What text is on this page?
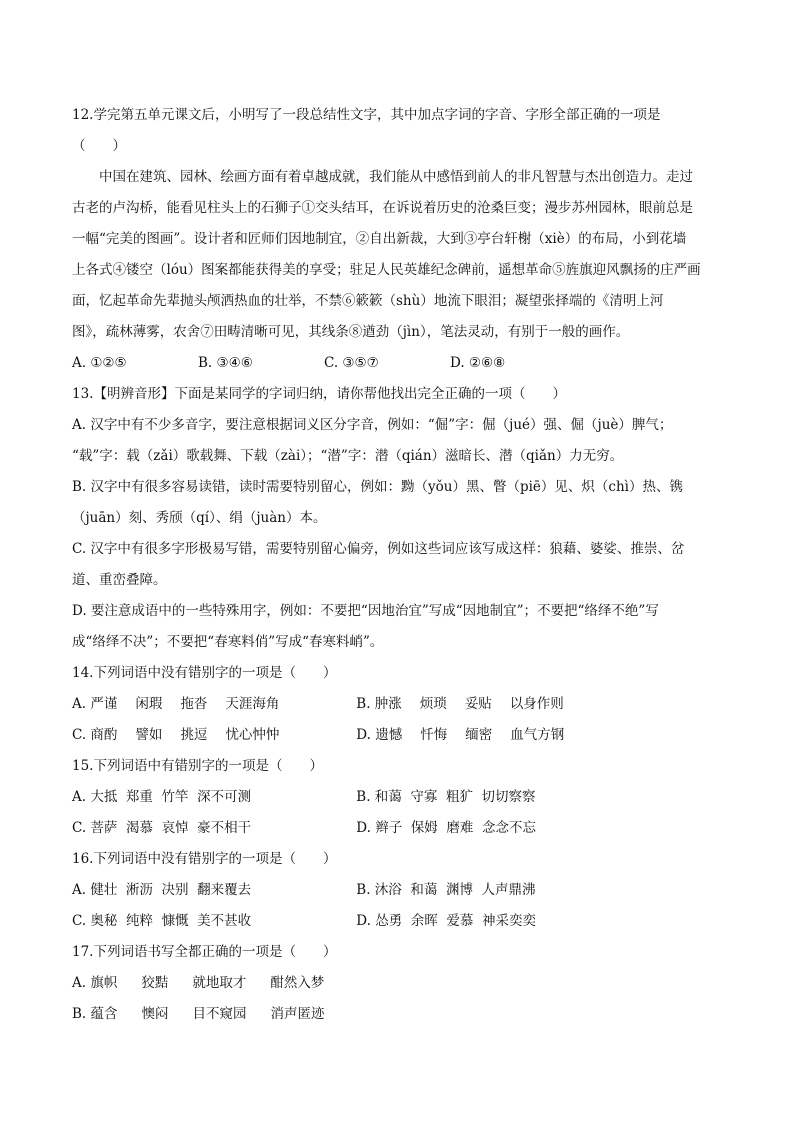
12.学完第五单元课文后，小明写了一段总结性文字，其中加点字词的字音、字形全部正确的一项是
（　　）
中国在建筑、园林、绘画方面有着卓越成就，我们能从中感悟到前人的非凡智慧与杰出创造力。走过
古老的卢沟桥，能看见柱头上的石狮子①交头结耳，在诉说着历史的沧桑巨变；漫步苏州园林，眼前总是
一幅“完美的图画”。设计者和匠师们因地制宜，②自出新裁，大到③亭台轩榭（xiè）的布局，小到花墙
上各式④镂空（lóu）图案都能获得美的享受；驻足人民英雄纪念碑前，遥想革命⑤旌旗迎风飘扬的庄严画
面，忆起革命先辈抛头颅洒热血的壮举，不禁⑥簌簌（shù）地流下眼泪；凝望张择端的《清明上河
图》，疏林薄雾，农舍⑦田畴清晰可见，其线条⑧遒劲（jìn），笔法灵动，有别于一般的画作。
A. ①②⑤	B. ③④⑥	C. ③⑤⑦	D. ②⑥⑧
13.【明辨音形】下面是某同学的字词归纳，请你帮他找出完全正确的一项（　　）
A. 汉字中有不少多音字，要注意根据词义区分字音，例如：“倔”字：倔（jué）强、倔（juè）脾气；
“载”字：载（zǎi）歌载舞、下载（zài）；“潜”字：潜（qián）滋暗长、潜（qiǎn）力无穷。
B. 汉字中有很多容易读错，读时需要特别留心，例如：黝（yǒu）黑、瞥（piē）见、炽（chì）热、镌
（juān）刻、秀颀（qí）、绢（juàn）本。
C. 汉字中有很多字形极易写错，需要特别留心偏旁，例如这些词应该写成这样：狼藉、婆娑、推崇、岔
道、重峦叠障。
D. 要注意成语中的一些特殊用字，例如：不要把“因地治宜”写成“因地制宜”；不要把“络绎不绝”写
成“络绎不决”；不要把“春寒料俏”写成“春寒料峭”。
14.下列词语中没有错别字的一项是（　　）
A. 严谨 闲瑕 拖沓 天涯海角	B. 肿涨 烦琐 妥贴 以身作则
C. 商酌 譬如 挑逗 忧心忡忡	D. 遗憾 忏悔 缅密 血气方钢
15.下列词语中有错别字的一项是（　　）
A. 大抵  郑重  竹竿  深不可测	B. 和蔼  守寡  粗犷  切切察察
C. 菩萨  渴慕  哀悼  豪不相干	D. 辫子  保姆  磨难  念念不忘
16.下列词语中没有错别字的一项是（　　）
A. 健壮  淅沥  决别  翻来覆去	B. 沐浴  和蔼  渊博  人声鼎沸
C. 奥秘  纯粹  慷慨  美不甚收	D. 怂勇  余晖  爱慕  神采奕奕
17.下列词语书写全都正确的一项是（　　）
A. 旗帜 狡黠 就地取才 酣然入梦
B. 蕴含 懊闷 目不窥园 消声匿迹
